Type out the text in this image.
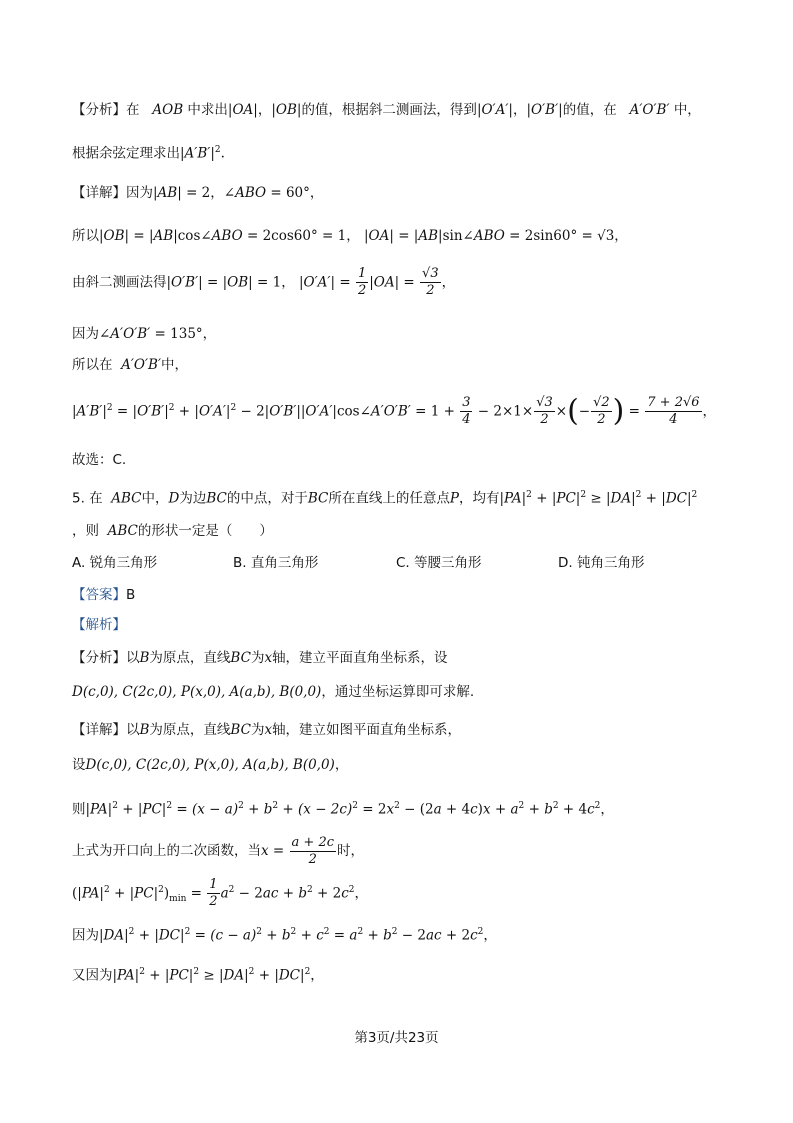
【分析】在   AOB 中求出|OA|，|OB|的值，根据斜二测画法，得到|O′A′|，|O′B′|的值，在   A′O′B′ 中，
根据余弦定理求出$|A'B'|^2$.
【详解】因为|AB| = 2，∠ABO = 60°，
所以|OB| = |AB|cos∠ABO = 2cos60° = 1， |OA| = |AB|sin∠ABO = 2sin60° = √3，
由斜二测画法得|O′B′| = |OB| = 1， $|O'A'| = \frac{1}{2} |OA| = \frac{√3}{2}$ ，
因为∠A′O′B′ = 135°，
所以在  A′O′B′中，
$|A'B'|^2 = |O'B'|^2 + |O'A'|^2$ − 2|O′B′||O′A′|cos∠A′O′B′ = $1 + \frac{3}{4} - 2\times 1\times \frac{√3}{2}$ ×(− $\frac{√2}{2}$ ) = $\frac{7 + 2√6}{4}$ ，
故选：C.
5. 在  ABC中，D为边BC的中点，对于BC所在直线上的任意点P，均有$|PA|^2 + |PC|^2 \ge |DA|^2 + |DC|^2$
，则  ABC的形状一定是（　　）
A. 锐角三角形	B. 直角三角形	C. 等腰三角形	D. 钝角三角形
【答案】B
【解析】
【分析】以B为原点，直线BC为x轴，建立平面直角坐标系，设
D(c,0), C(2c,0), P(x,0), A(a,b), B(0,0)，通过坐标运算即可求解.
【详解】以B为原点，直线BC为x轴，建立如图平面直角坐标系，
设D(c,0), C(2c,0), P(x,0), A(a,b), B(0,0)，
则$|PA|^2 + |PC|^2 = (x - a)^2 + b^2 + (x - 2c)^2 = 2x^2 - (2a + 4c)x + a^2 + b^2 + 4c^2$，
上式为开口向上的二次函数，当$x = \frac{a + 2c}{2}$ 时，
$(|PA|^2 + |PC|^2)_{min} = \frac{1}{2} a^2 - 2ac + b^2 + 2c^2$，
因为$|DA|^2 + |DC|^2 = (c - a)^2 + b^2 + c^2 = a^2 + b^2 - 2ac + 2c^2$，
又因为$|PA|^2 + |PC|^2 \ge |DA|^2 + |DC|^2$，
第3页/共23页
